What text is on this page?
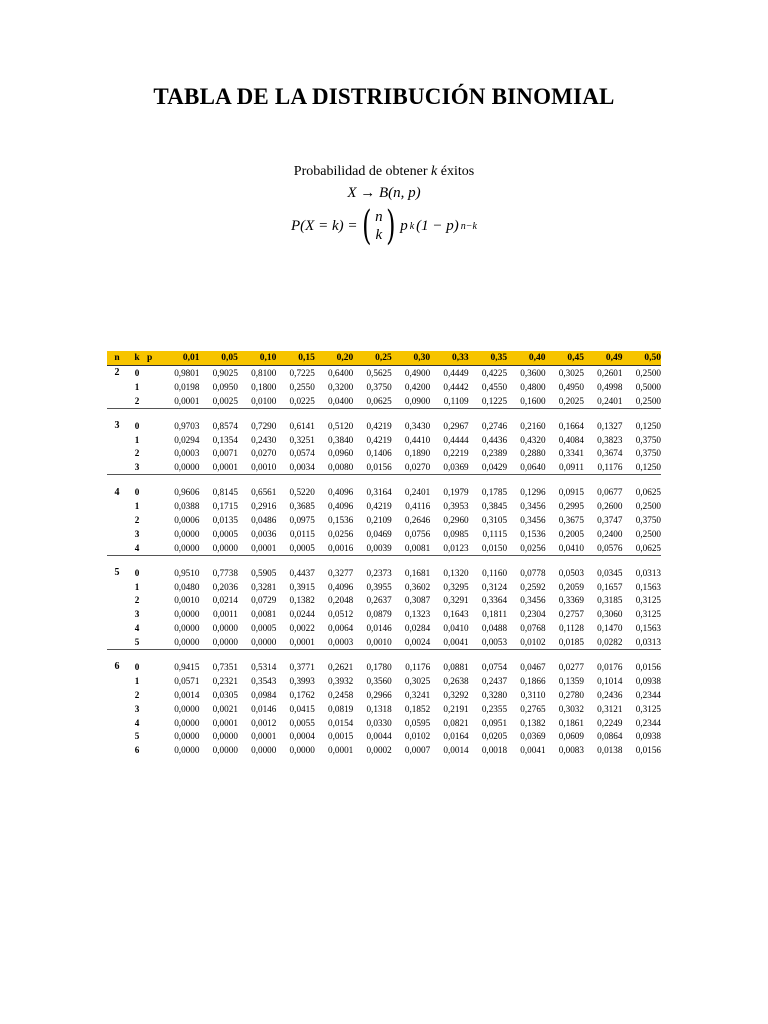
TABLA DE LA DISTRIBUCIÓN BINOMIAL
Probabilidad de obtener k éxitos
X → B(n, p)
P(X = k) = ( n
k ) p k (1 − p) n−k
n	k	p	0,01	0,05	0,10	0,15	0,20	0,25	0,30	0,33	0,35	0,40	0,45	0,49	0,50
2	0		0,9801	0,9025	0,8100	0,7225	0,6400	0,5625	0,4900	0,4449	0,4225	0,3600	0,3025	0,2601	0,2500
	1		0,0198	0,0950	0,1800	0,2550	0,3200	0,3750	0,4200	0,4442	0,4550	0,4800	0,4950	0,4998	0,5000
	2		0,0001	0,0025	0,0100	0,0225	0,0400	0,0625	0,0900	0,1109	0,1225	0,1600	0,2025	0,2401	0,2500

3	0		0,9703	0,8574	0,7290	0,6141	0,5120	0,4219	0,3430	0,2967	0,2746	0,2160	0,1664	0,1327	0,1250
	1		0,0294	0,1354	0,2430	0,3251	0,3840	0,4219	0,4410	0,4444	0,4436	0,4320	0,4084	0,3823	0,3750
	2		0,0003	0,0071	0,0270	0,0574	0,0960	0,1406	0,1890	0,2219	0,2389	0,2880	0,3341	0,3674	0,3750
	3		0,0000	0,0001	0,0010	0,0034	0,0080	0,0156	0,0270	0,0369	0,0429	0,0640	0,0911	0,1176	0,1250

4	0		0,9606	0,8145	0,6561	0,5220	0,4096	0,3164	0,2401	0,1979	0,1785	0,1296	0,0915	0,0677	0,0625
	1		0,0388	0,1715	0,2916	0,3685	0,4096	0,4219	0,4116	0,3953	0,3845	0,3456	0,2995	0,2600	0,2500
	2		0,0006	0,0135	0,0486	0,0975	0,1536	0,2109	0,2646	0,2960	0,3105	0,3456	0,3675	0,3747	0,3750
	3		0,0000	0,0005	0,0036	0,0115	0,0256	0,0469	0,0756	0,0985	0,1115	0,1536	0,2005	0,2400	0,2500
	4		0,0000	0,0000	0,0001	0,0005	0,0016	0,0039	0,0081	0,0123	0,0150	0,0256	0,0410	0,0576	0,0625

5	0		0,9510	0,7738	0,5905	0,4437	0,3277	0,2373	0,1681	0,1320	0,1160	0,0778	0,0503	0,0345	0,0313
	1		0,0480	0,2036	0,3281	0,3915	0,4096	0,3955	0,3602	0,3295	0,3124	0,2592	0,2059	0,1657	0,1563
	2		0,0010	0,0214	0,0729	0,1382	0,2048	0,2637	0,3087	0,3291	0,3364	0,3456	0,3369	0,3185	0,3125
	3		0,0000	0,0011	0,0081	0,0244	0,0512	0,0879	0,1323	0,1643	0,1811	0,2304	0,2757	0,3060	0,3125
	4		0,0000	0,0000	0,0005	0,0022	0,0064	0,0146	0,0284	0,0410	0,0488	0,0768	0,1128	0,1470	0,1563
	5		0,0000	0,0000	0,0000	0,0001	0,0003	0,0010	0,0024	0,0041	0,0053	0,0102	0,0185	0,0282	0,0313

6	0		0,9415	0,7351	0,5314	0,3771	0,2621	0,1780	0,1176	0,0881	0,0754	0,0467	0,0277	0,0176	0,0156
	1		0,0571	0,2321	0,3543	0,3993	0,3932	0,3560	0,3025	0,2638	0,2437	0,1866	0,1359	0,1014	0,0938
	2		0,0014	0,0305	0,0984	0,1762	0,2458	0,2966	0,3241	0,3292	0,3280	0,3110	0,2780	0,2436	0,2344
	3		0,0000	0,0021	0,0146	0,0415	0,0819	0,1318	0,1852	0,2191	0,2355	0,2765	0,3032	0,3121	0,3125
	4		0,0000	0,0001	0,0012	0,0055	0,0154	0,0330	0,0595	0,0821	0,0951	0,1382	0,1861	0,2249	0,2344
	5		0,0000	0,0000	0,0001	0,0004	0,0015	0,0044	0,0102	0,0164	0,0205	0,0369	0,0609	0,0864	0,0938
	6		0,0000	0,0000	0,0000	0,0000	0,0001	0,0002	0,0007	0,0014	0,0018	0,0041	0,0083	0,0138	0,0156
